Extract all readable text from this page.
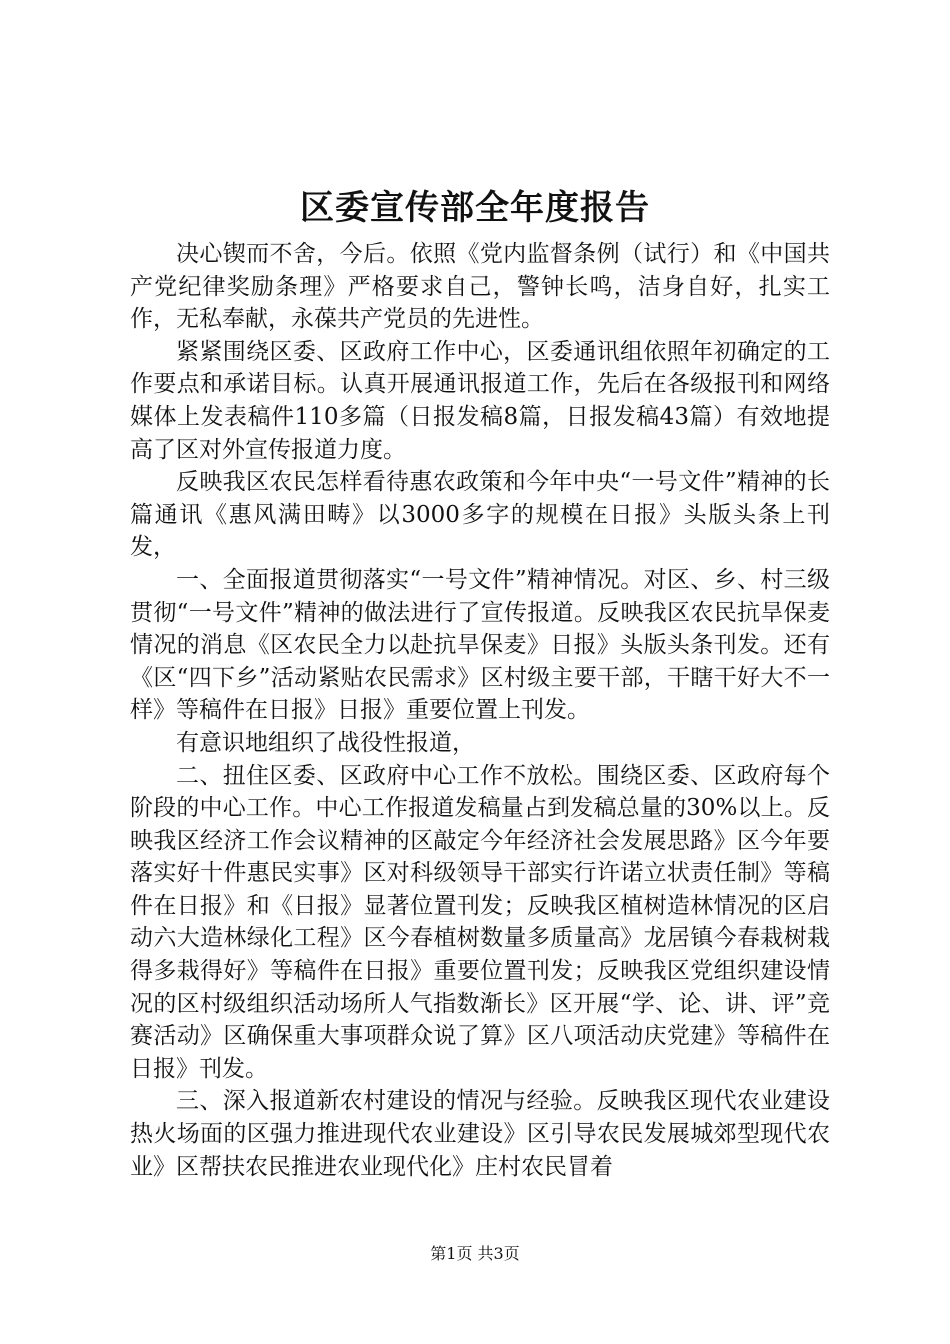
区委宣传部全年度报告

决心锲而不舍，今后。依照《党内监督条例（试行）和《中国共产党纪律奖励条理》严格要求自己，警钟长鸣，洁身自好，扎实工作，无私奉献，永葆共产党员的先进性。

紧紧围绕区委、区政府工作中心，区委通讯组依照年初确定的工作要点和承诺目标。认真开展通讯报道工作，先后在各级报刊和网络媒体上发表稿件110多篇（日报发稿8篇，日报发稿43篇）有效地提高了区对外宣传报道力度。

反映我区农民怎样看待惠农政策和今年中央“一号文件”精神的长篇通讯《惠风满田畴》以3000多字的规模在日报》头版头条上刊发，

一、全面报道贯彻落实“一号文件”精神情况。对区、乡、村三级贯彻“一号文件”精神的做法进行了宣传报道。反映我区农民抗旱保麦情况的消息《区农民全力以赴抗旱保麦》日报》头版头条刊发。还有《区“四下乡”活动紧贴农民需求》区村级主要干部，干瞎干好大不一样》等稿件在日报》日报》重要位置上刊发。

有意识地组织了战役性报道，

二、扭住区委、区政府中心工作不放松。围绕区委、区政府每个阶段的中心工作。中心工作报道发稿量占到发稿总量的30%以上。反映我区经济工作会议精神的区敲定今年经济社会发展思路》区今年要落实好十件惠民实事》区对科级领导干部实行许诺立状责任制》等稿件在日报》和《日报》显著位置刊发；反映我区植树造林情况的区启动六大造林绿化工程》区今春植树数量多质量高》龙居镇今春栽树栽得多栽得好》等稿件在日报》重要位置刊发；反映我区党组织建设情况的区村级组织活动场所人气指数渐长》区开展“学、论、讲、评”竞赛活动》区确保重大事项群众说了算》区八项活动庆党建》等稿件在日报》刊发。

三、深入报道新农村建设的情况与经验。反映我区现代农业建设热火场面的区强力推进现代农业建设》区引导农民发展城郊型现代农业》区帮扶农民推进农业现代化》庄村农民冒着

第1页 共3页
